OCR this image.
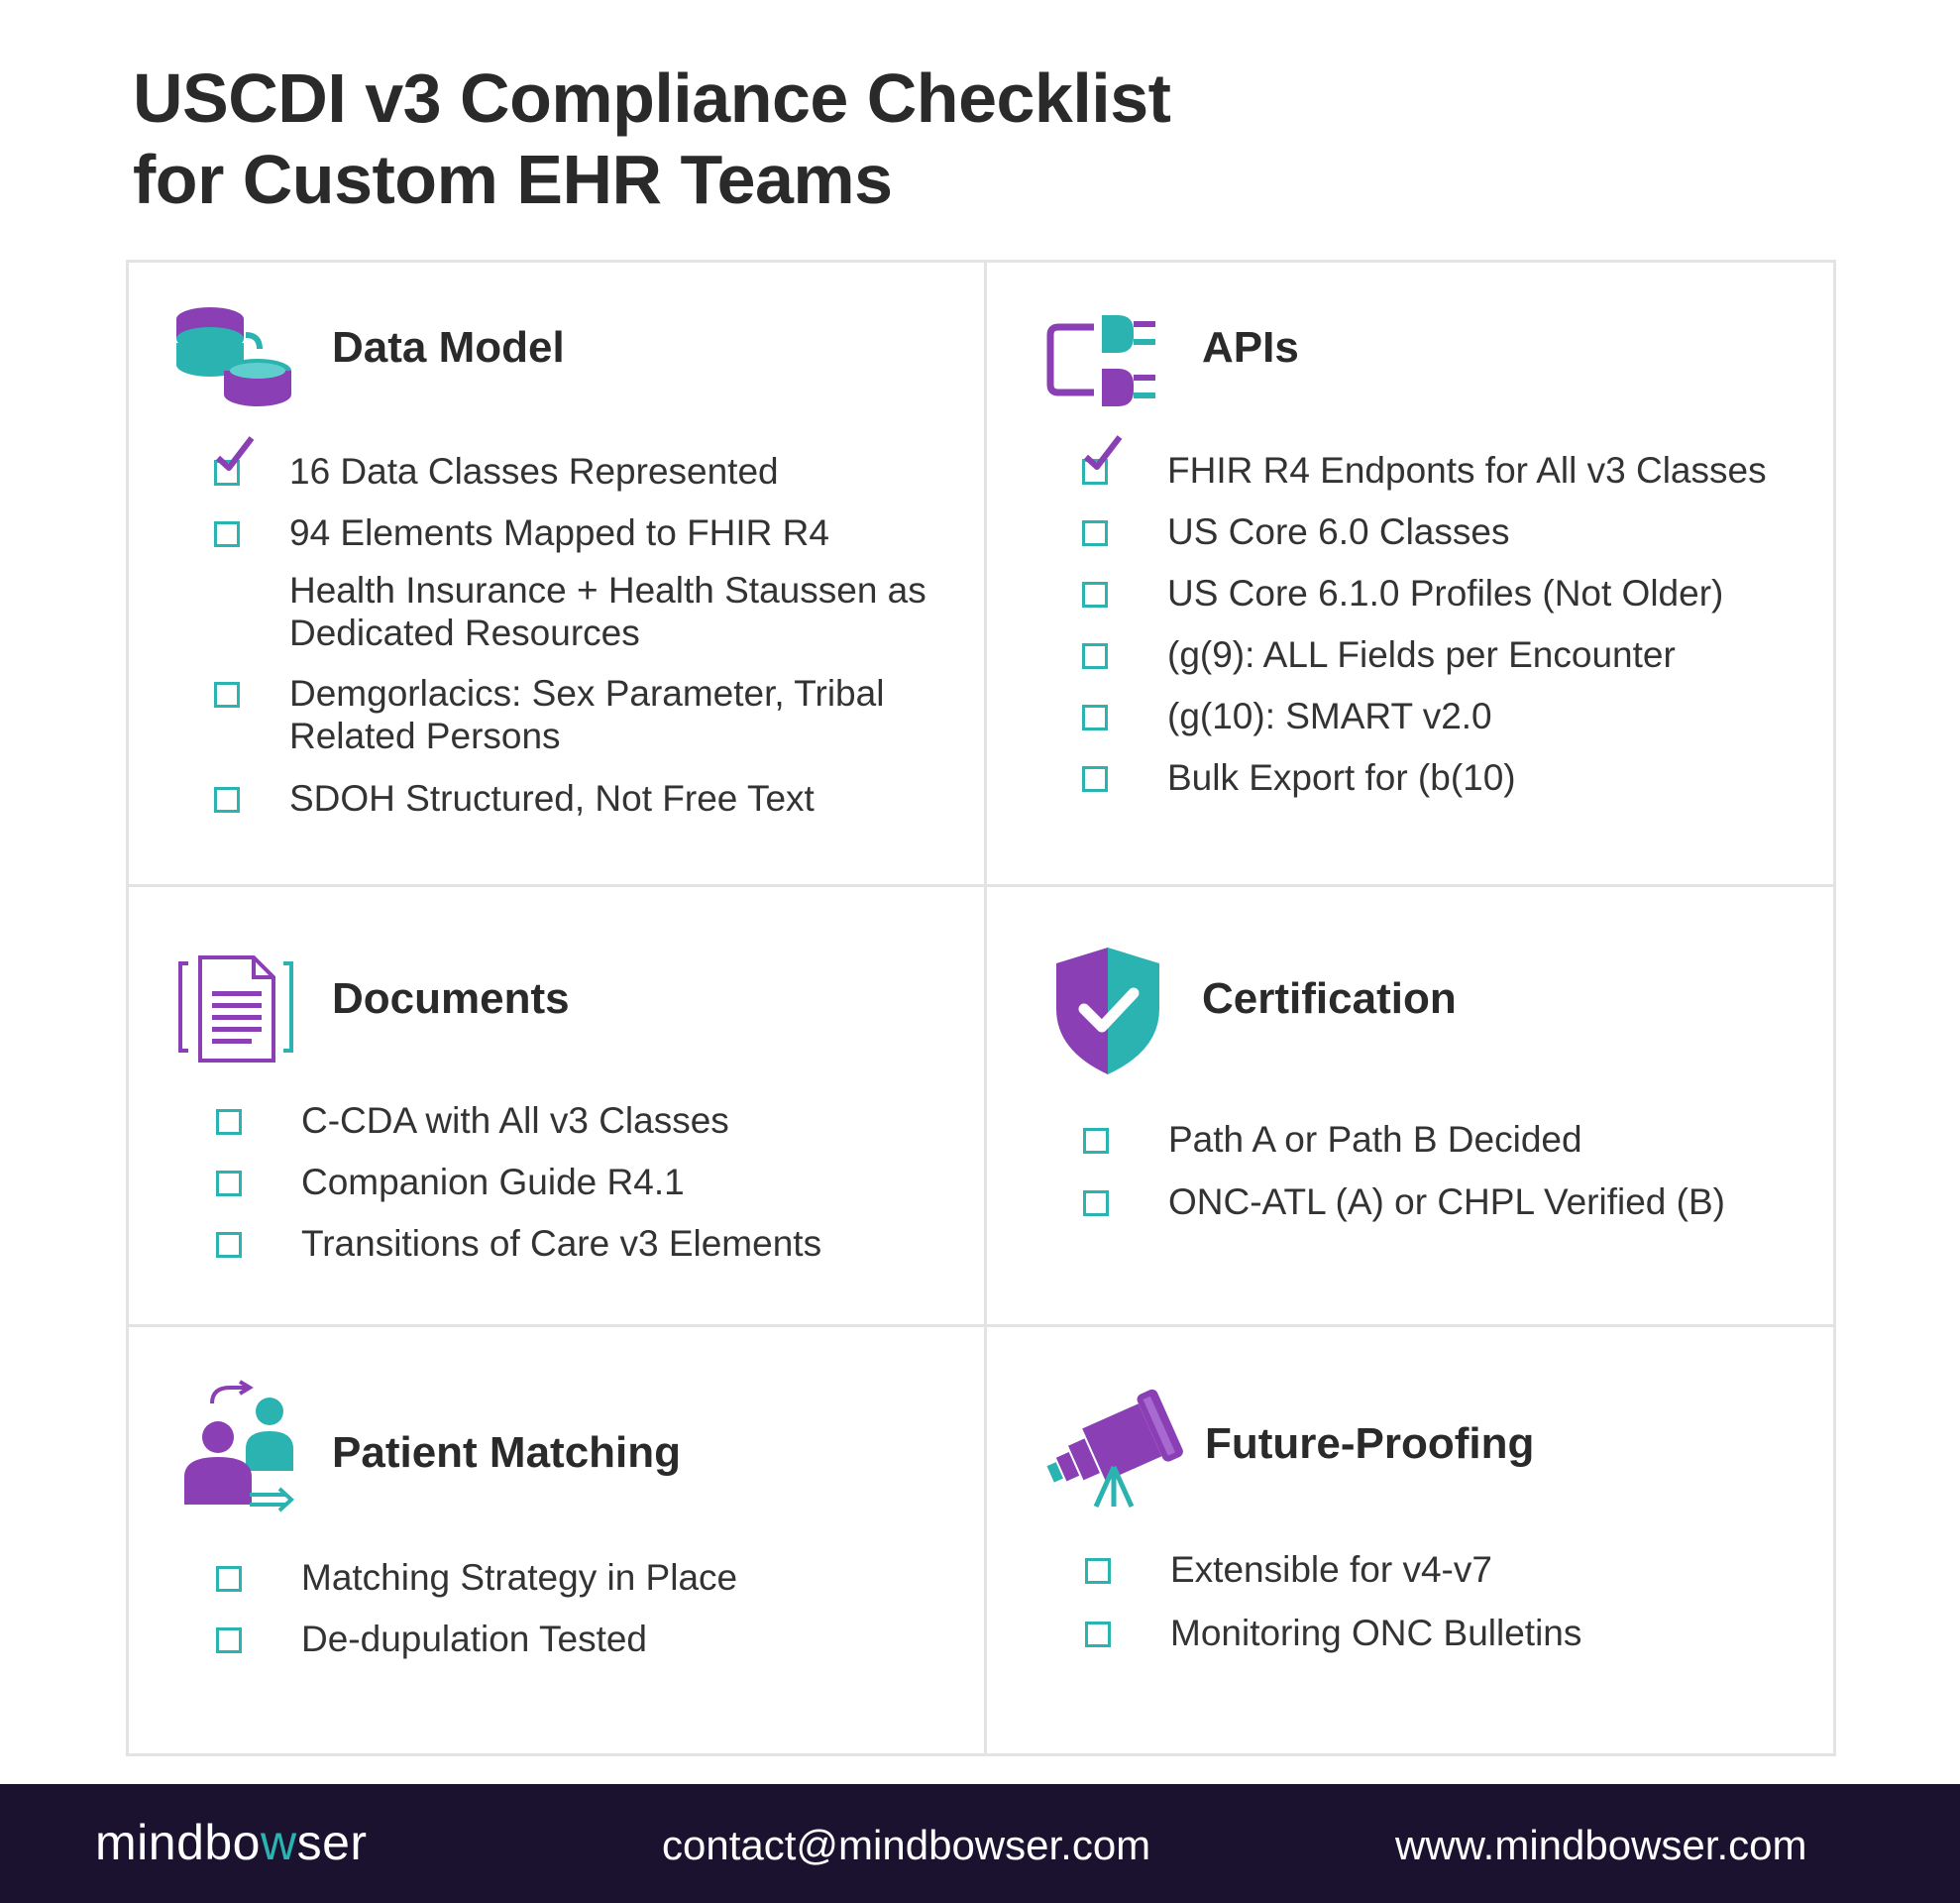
USCDI v3 Compliance Checklist
for Custom EHR Teams
Data Model
16 Data Classes Represented
94 Elements Mapped to FHIR R4
Health Insurance + Health Staussen as
Dedicated Resources
Demgorlacics: Sex Parameter, Tribal
Related Persons
SDOH Structured, Not Free Text
APIs
FHIR R4 Endponts for All v3 Classes
US Core 6.0 Classes
US Core 6.1.0 Profiles (Not Older)
(g(9): ALL Fields per Encounter
(g(10): SMART v2.0
Bulk Export for (b(10)
Documents
C-CDA with All v3 Classes
Companion Guide R4.1
Transitions of Care v3 Elements
Certification
Path A or Path B Decided
ONC-ATL (A) or CHPL Verified (B)
Patient Matching
Matching Strategy in Place
De-dupulation Tested
Future-Proofing
Extensible for v4-v7
Monitoring ONC Bulletins
mindbowser	contact@mindbowser.com	www.mindbowser.com
